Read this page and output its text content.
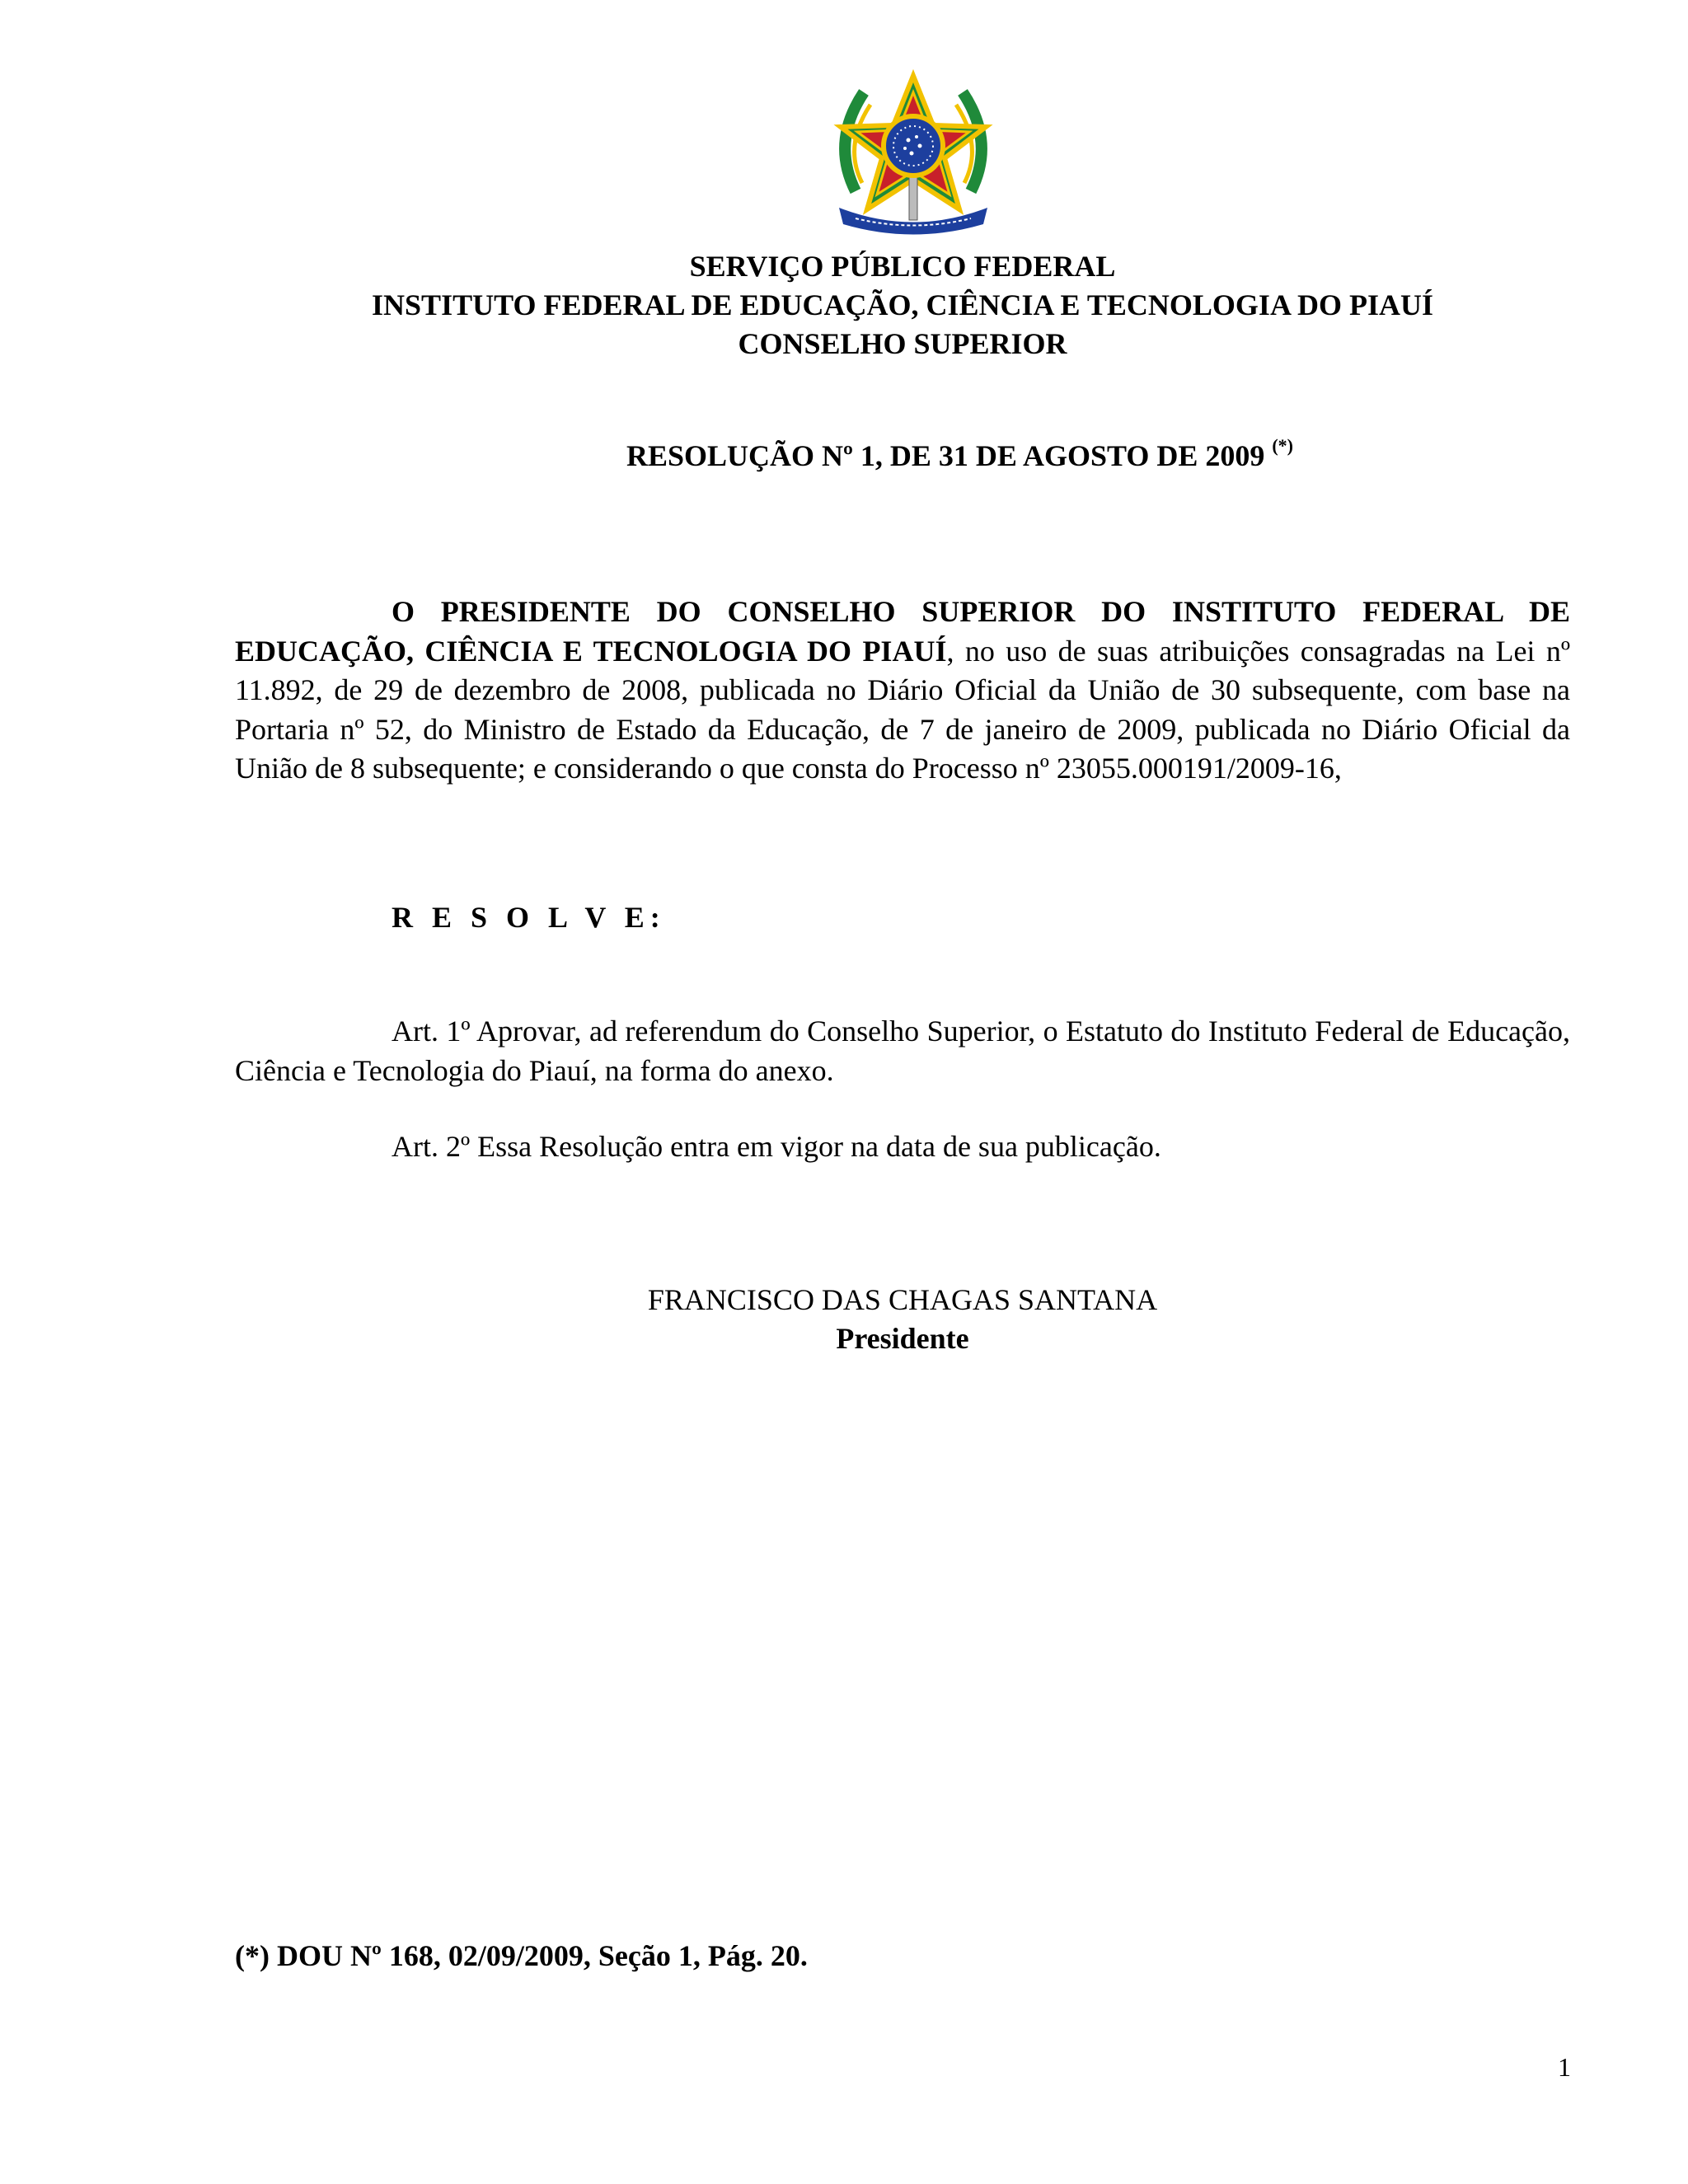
SERVIÇO PÚBLICO FEDERAL
INSTITUTO FEDERAL DE EDUCAÇÃO, CIÊNCIA E TECNOLOGIA DO PIAUÍ
CONSELHO SUPERIOR
RESOLUÇÃO Nº 1, DE 31 DE AGOSTO DE 2009 (*)
O PRESIDENTE DO CONSELHO SUPERIOR DO INSTITUTO FEDERAL DE EDUCAÇÃO, CIÊNCIA E TECNOLOGIA DO PIAUÍ, no uso de suas atribuições consagradas na Lei nº 11.892, de 29 de dezembro de 2008, publicada no Diário Oficial da União de 30 subsequente, com base na Portaria nº 52, do Ministro de Estado da Educação, de 7 de janeiro de 2009, publicada no Diário Oficial da União de 8 subsequente; e considerando o que consta do Processo nº 23055.000191/2009-16,
R E S O L V E:
Art. 1º Aprovar, ad referendum do Conselho Superior, o Estatuto do Instituto Federal de Educação, Ciência e Tecnologia do Piauí, na forma do anexo.
Art. 2º Essa Resolução entra em vigor na data de sua publicação.
FRANCISCO DAS CHAGAS SANTANA
Presidente
(*) DOU Nº 168, 02/09/2009, Seção 1, Pág. 20.
1
